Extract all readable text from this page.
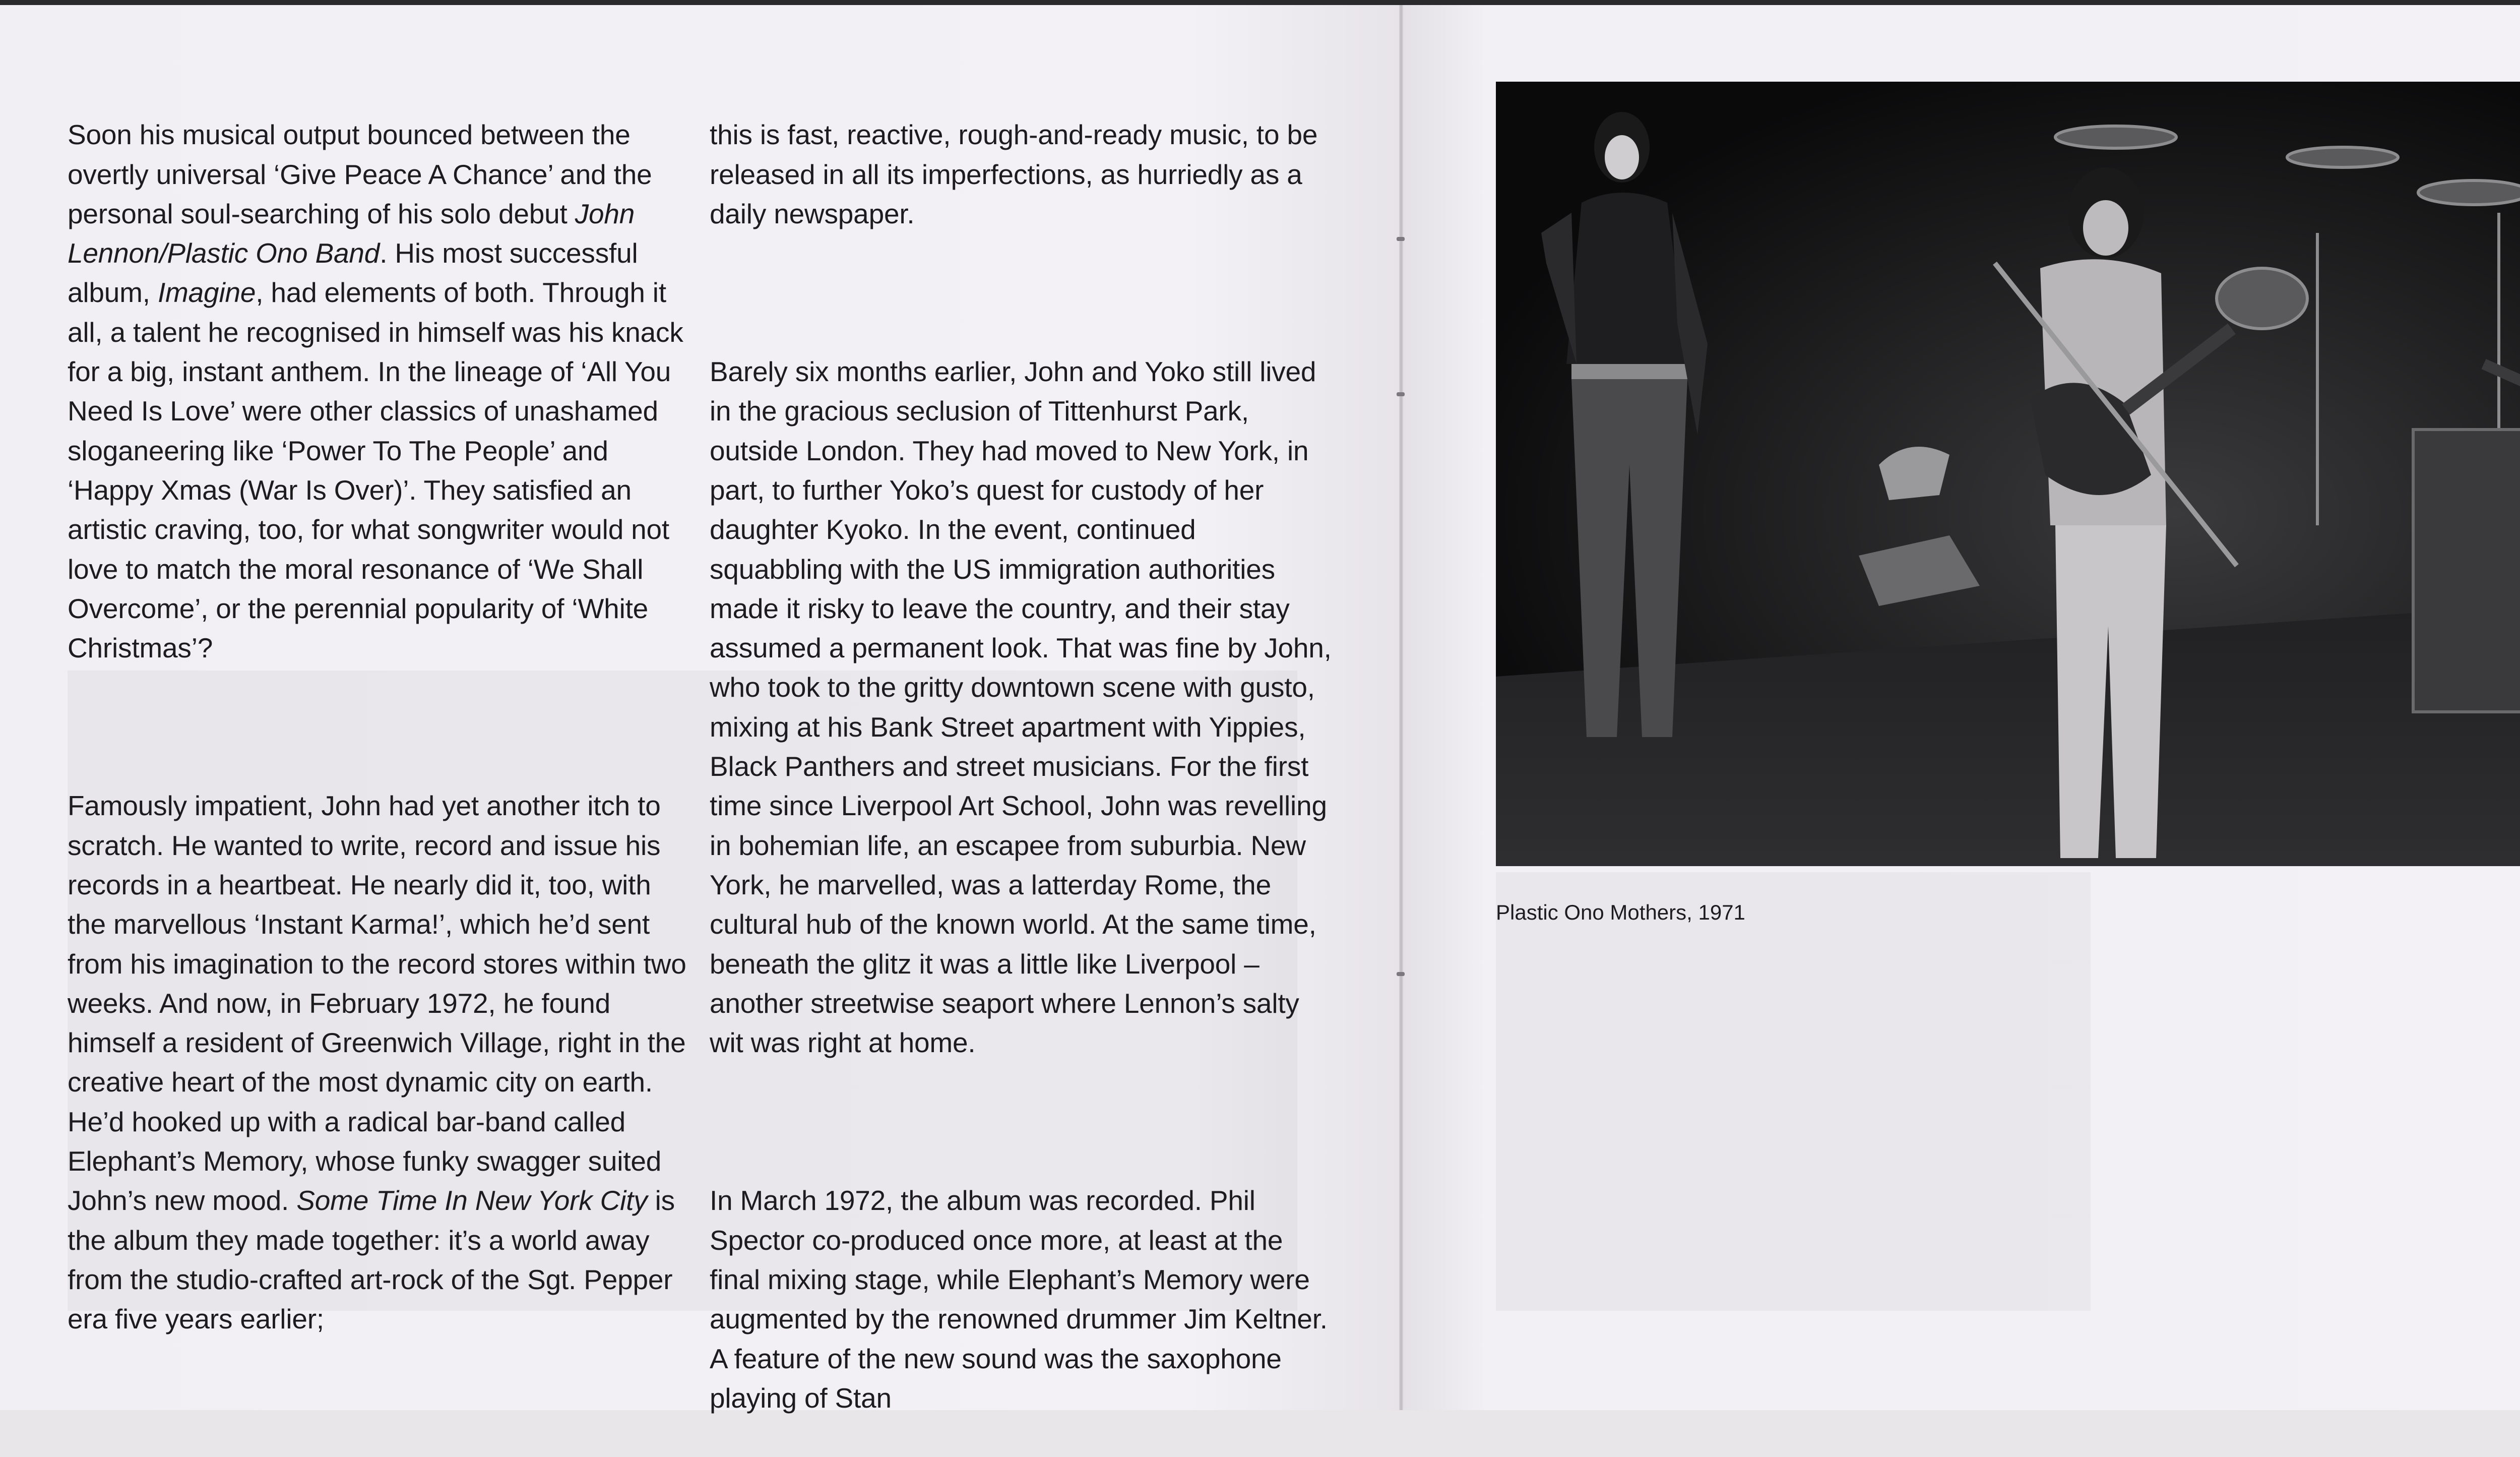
Soon his musical output bounced between the overtly universal ‘Give Peace A Chance’ and the personal soul-searching of his solo debut John Lennon/Plastic Ono Band. His most successful album, Imagine, had elements of both. Through it all, a talent he recognised in himself was his knack for a big, instant anthem. In the lineage of ‘All You Need Is Love’ were other classics of unashamed sloganeering like ‘Power To The People’ and ‘Happy Xmas (War Is Over)’. They satisfied an artistic craving, too, for what songwriter would not love to match the moral resonance of ‘We Shall Overcome’, or the perennial popularity of ‘White Christmas’?

Famously impatient, John had yet another itch to scratch. He wanted to write, record and issue his records in a heartbeat. He nearly did it, too, with the marvellous ‘Instant Karma!’, which he’d sent from his imagination to the record stores within two weeks. And now, in February 1972, he found himself a resident of Greenwich Village, right in the creative heart of the most dynamic city on earth. He’d hooked up with a radical bar-band called Elephant’s Memory, whose funky swagger suited John’s new mood. Some Time In New York City is the album they made together: it’s a world away from the studio-crafted art-rock of the Sgt. Pepper era five years earlier;

this is fast, reactive, rough-and-ready music, to be released in all its imperfections, as hurriedly as a daily newspaper.

Barely six months earlier, John and Yoko still lived in the gracious seclusion of Tittenhurst Park, outside London. They had moved to New York, in part, to further Yoko’s quest for custody of her daughter Kyoko. In the event, continued squabbling with the US immigration authorities made it risky to leave the country, and their stay assumed a permanent look. That was fine by John, who took to the gritty downtown scene with gusto, mixing at his Bank Street apartment with Yippies, Black Panthers and street musicians. For the first time since Liverpool Art School, John was revelling in bohemian life, an escapee from suburbia. New York, he marvelled, was a latterday Rome, the cultural hub of the known world. At the same time, beneath the glitz it was a little like Liverpool – another streetwise seaport where Lennon’s salty wit was right at home.

In March 1972, the album was recorded. Phil Spector co-produced once more, at least at the final mixing stage, while Elephant’s Memory were augmented by the renowned drummer Jim Keltner. A feature of the new sound was the saxophone playing of Stan

Plastic Ono Mothers, 1971
